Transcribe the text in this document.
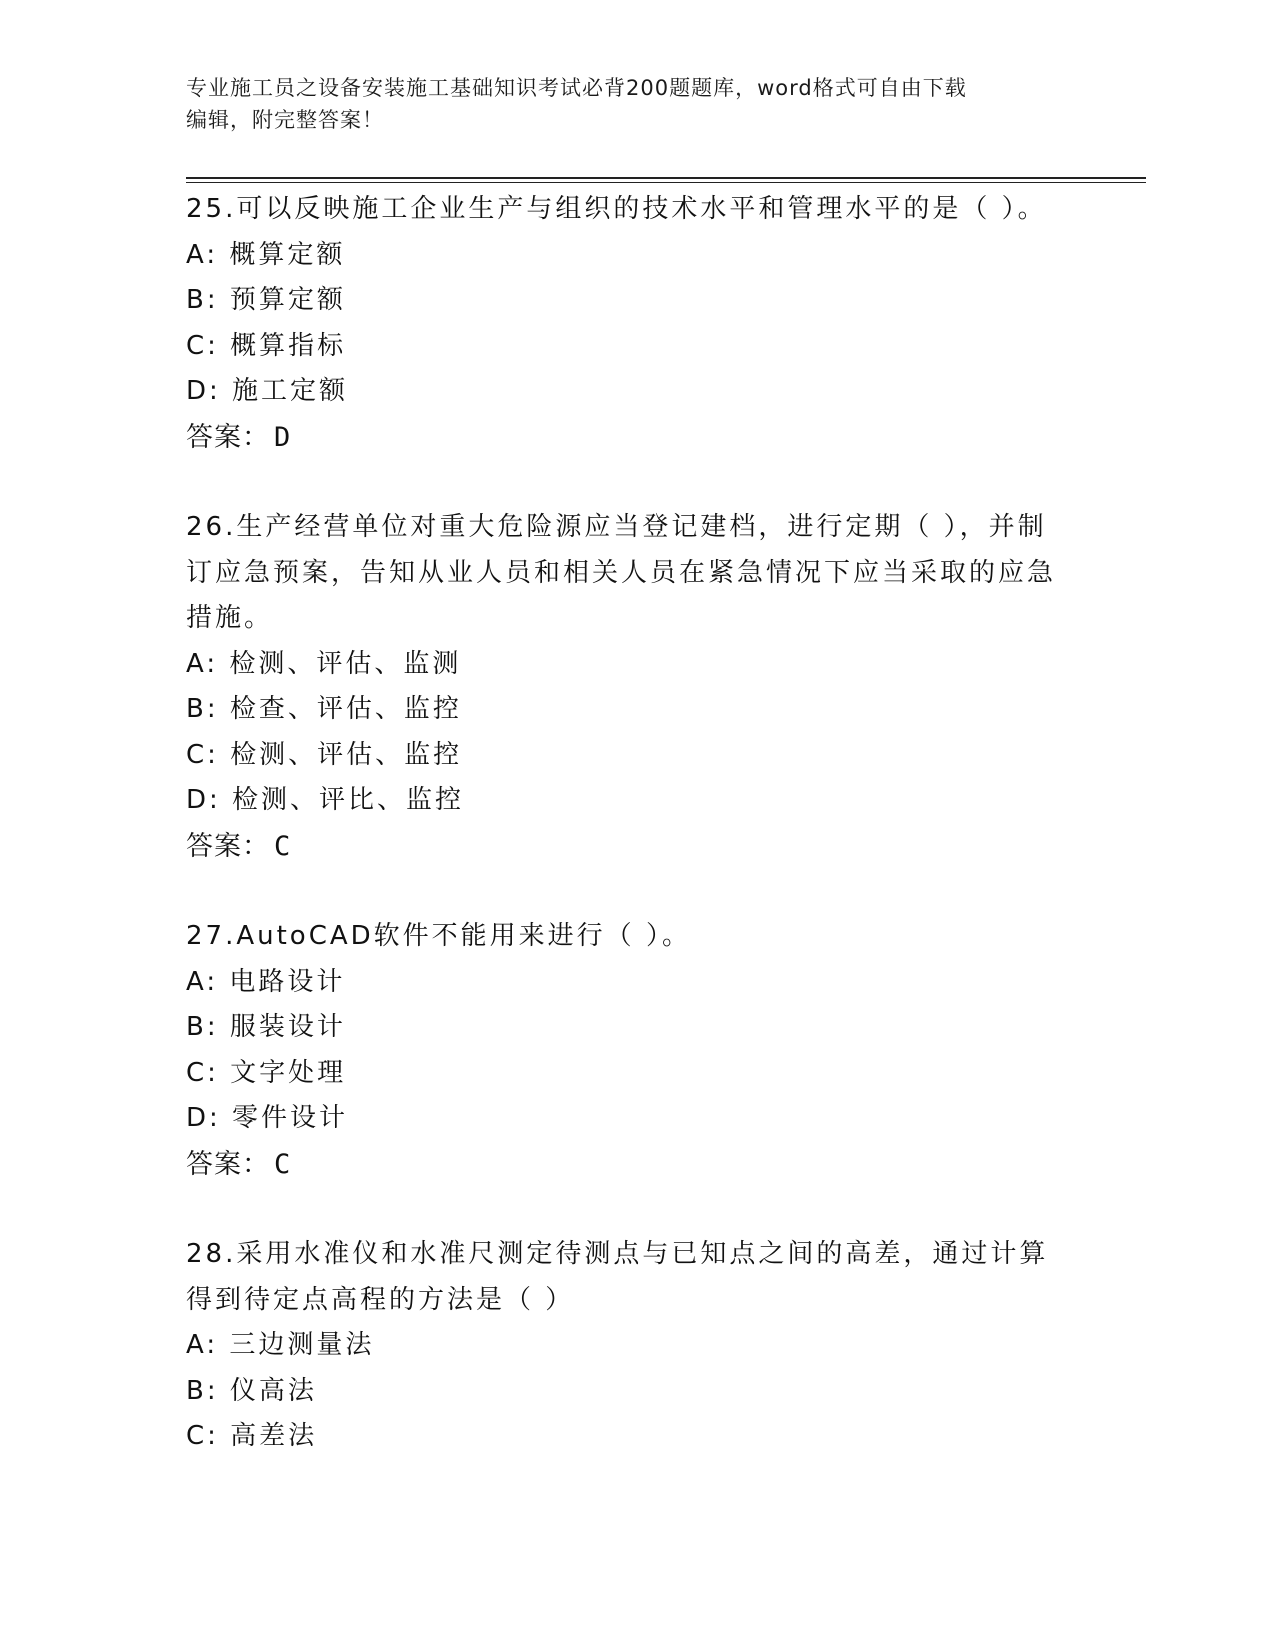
专业施工员之设备安装施工基础知识考试必背200题题库，word格式可自由下载
编辑，附完整答案！

25.可以反映施工企业生产与组织的技术水平和管理水平的是（ ）。

A: 概算定额

B: 预算定额

C: 概算指标

D: 施工定额

答案： D

26.生产经营单位对重大危险源应当登记建档，进行定期（ ），并制订应急预案，告知从业人员和相关人员在紧急情况下应当采取的应急措施。

A: 检测、评估、监测

B: 检查、评估、监控

C: 检测、评估、监控

D: 检测、评比、监控

答案： C

27.AutoCAD软件不能用来进行（ ）。

A: 电路设计

B: 服装设计

C: 文字处理

D: 零件设计

答案： C

28.采用水准仪和水准尺测定待测点与已知点之间的高差，通过计算得到待定点高程的方法是（ ）

A: 三边测量法

B: 仪高法

C: 高差法
